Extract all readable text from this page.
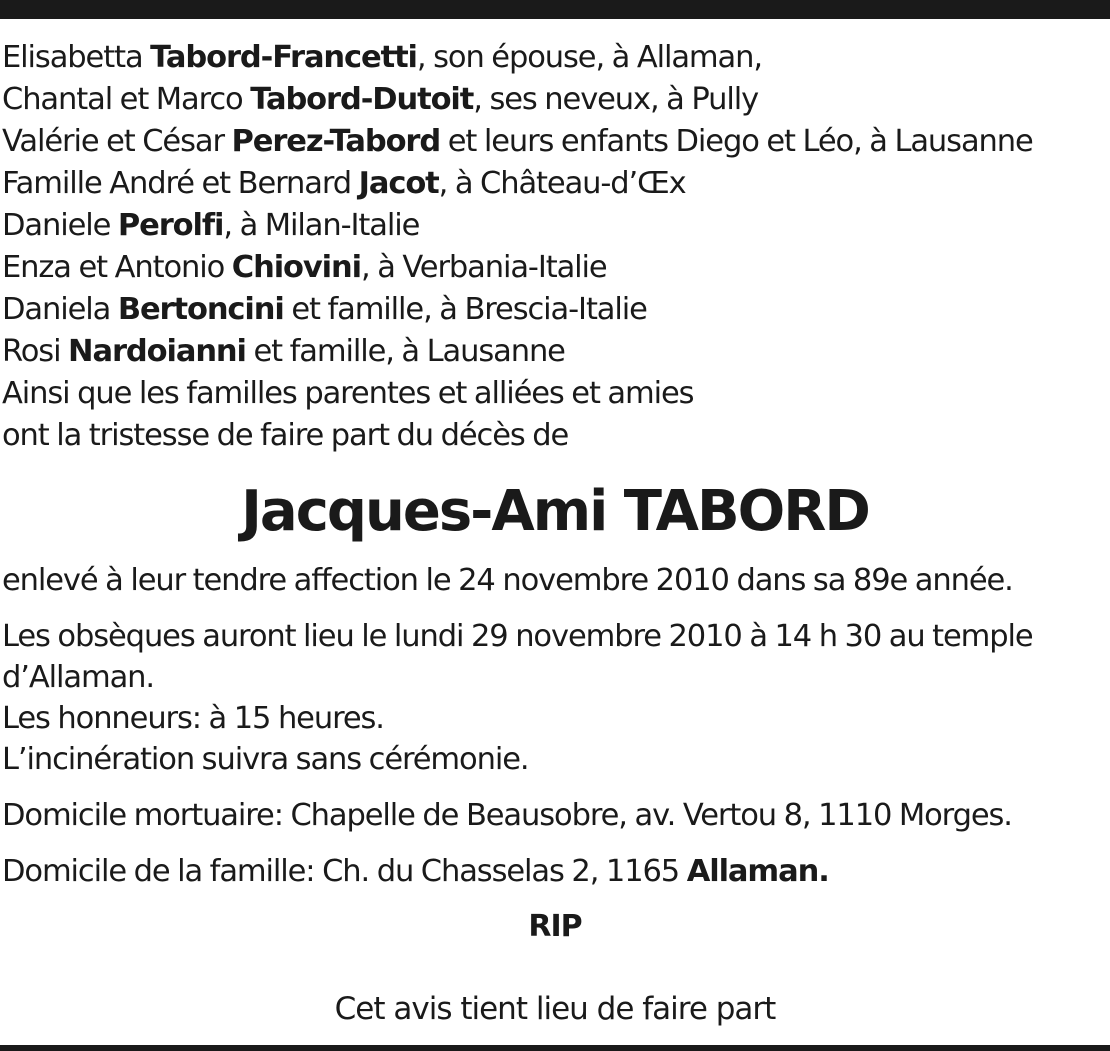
Elisabetta Tabord-Francetti, son épouse, à Allaman,
Chantal et Marco Tabord-Dutoit, ses neveux, à Pully
Valérie et César Perez-Tabord et leurs enfants Diego et Léo, à Lausanne
Famille André et Bernard Jacot, à Château-d’Œx
Daniele Perolfi, à Milan-Italie
Enza et Antonio Chiovini, à Verbania-Italie
Daniela Bertoncini et famille, à Brescia-Italie
Rosi Nardoianni et famille, à Lausanne
Ainsi que les familles parentes et alliées et amies
ont la tristesse de faire part du décès de
Jacques-Ami TABORD
enlevé à leur tendre affection le 24 novembre 2010 dans sa 89e année.
Les obsèques auront lieu le lundi 29 novembre 2010 à 14 h 30 au temple
d’Allaman.
Les honneurs: à 15 heures.
L’incinération suivra sans cérémonie.
Domicile mortuaire: Chapelle de Beausobre, av. Vertou 8, 1110 Morges.
Domicile de la famille: Ch. du Chasselas 2, 1165 Allaman.
RIP
Cet avis tient lieu de faire part
